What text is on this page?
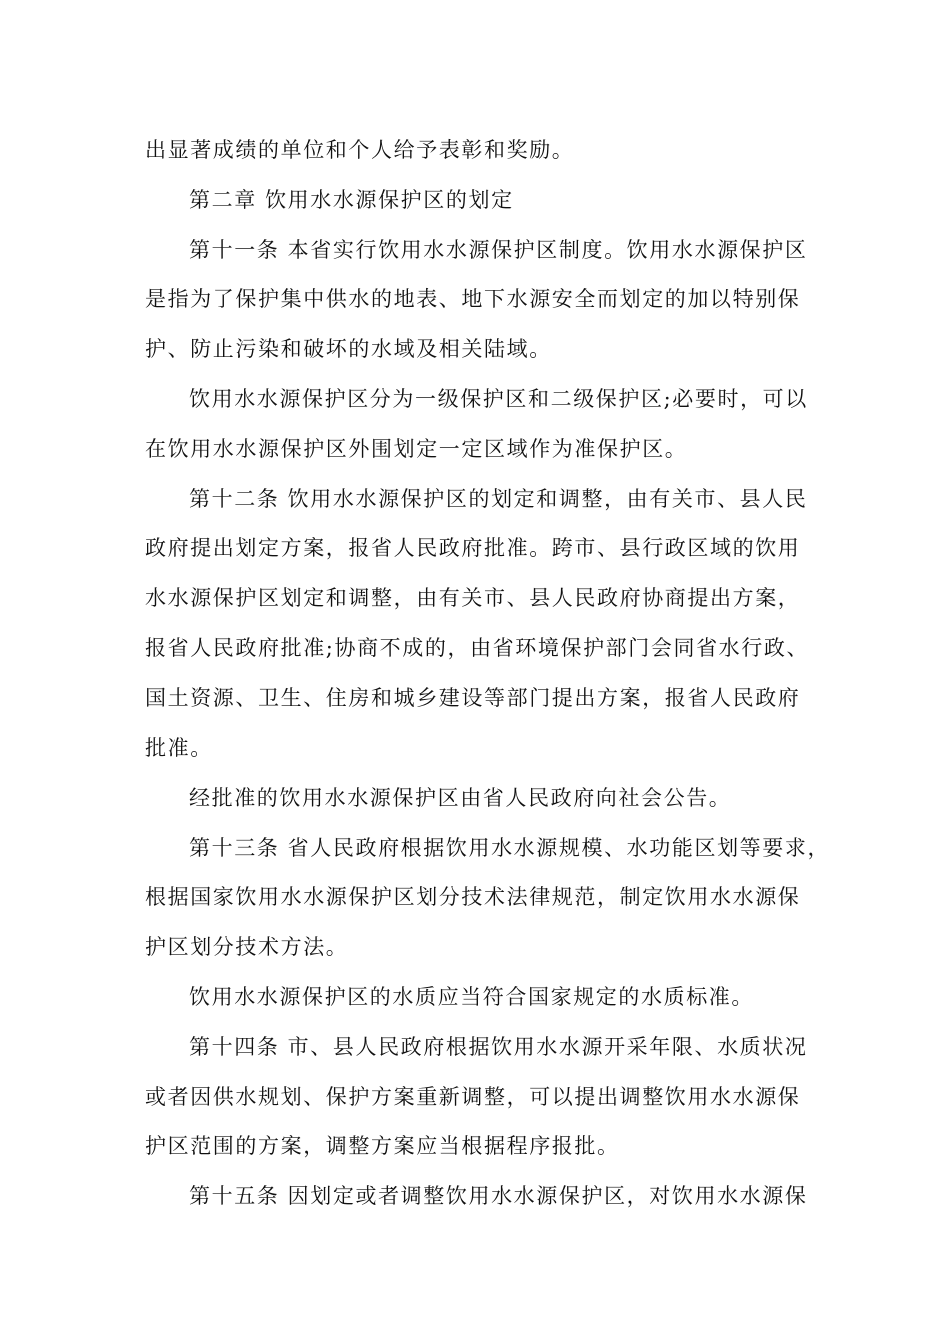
出显著成绩的单位和个人给予表彰和奖励。
第二章 饮用水水源保护区的划定
第十一条 本省实行饮用水水源保护区制度。饮用水水源保护区
是指为了保护集中供水的地表、地下水源安全而划定的加以特别保
护、防止污染和破坏的水域及相关陆域。
饮用水水源保护区分为一级保护区和二级保护区;必要时，可以
在饮用水水源保护区外围划定一定区域作为准保护区。
第十二条 饮用水水源保护区的划定和调整，由有关市、县人民
政府提出划定方案，报省人民政府批准。跨市、县行政区域的饮用
水水源保护区划定和调整，由有关市、县人民政府协商提出方案，
报省人民政府批准;协商不成的，由省环境保护部门会同省水行政、
国土资源、卫生、住房和城乡建设等部门提出方案，报省人民政府
批准。
经批准的饮用水水源保护区由省人民政府向社会公告。
第十三条 省人民政府根据饮用水水源规模、水功能区划等要求，
根据国家饮用水水源保护区划分技术法律规范，制定饮用水水源保
护区划分技术方法。
饮用水水源保护区的水质应当符合国家规定的水质标准。
第十四条 市、县人民政府根据饮用水水源开采年限、水质状况
或者因供水规划、保护方案重新调整，可以提出调整饮用水水源保
护区范围的方案，调整方案应当根据程序报批。
第十五条 因划定或者调整饮用水水源保护区，对饮用水水源保
